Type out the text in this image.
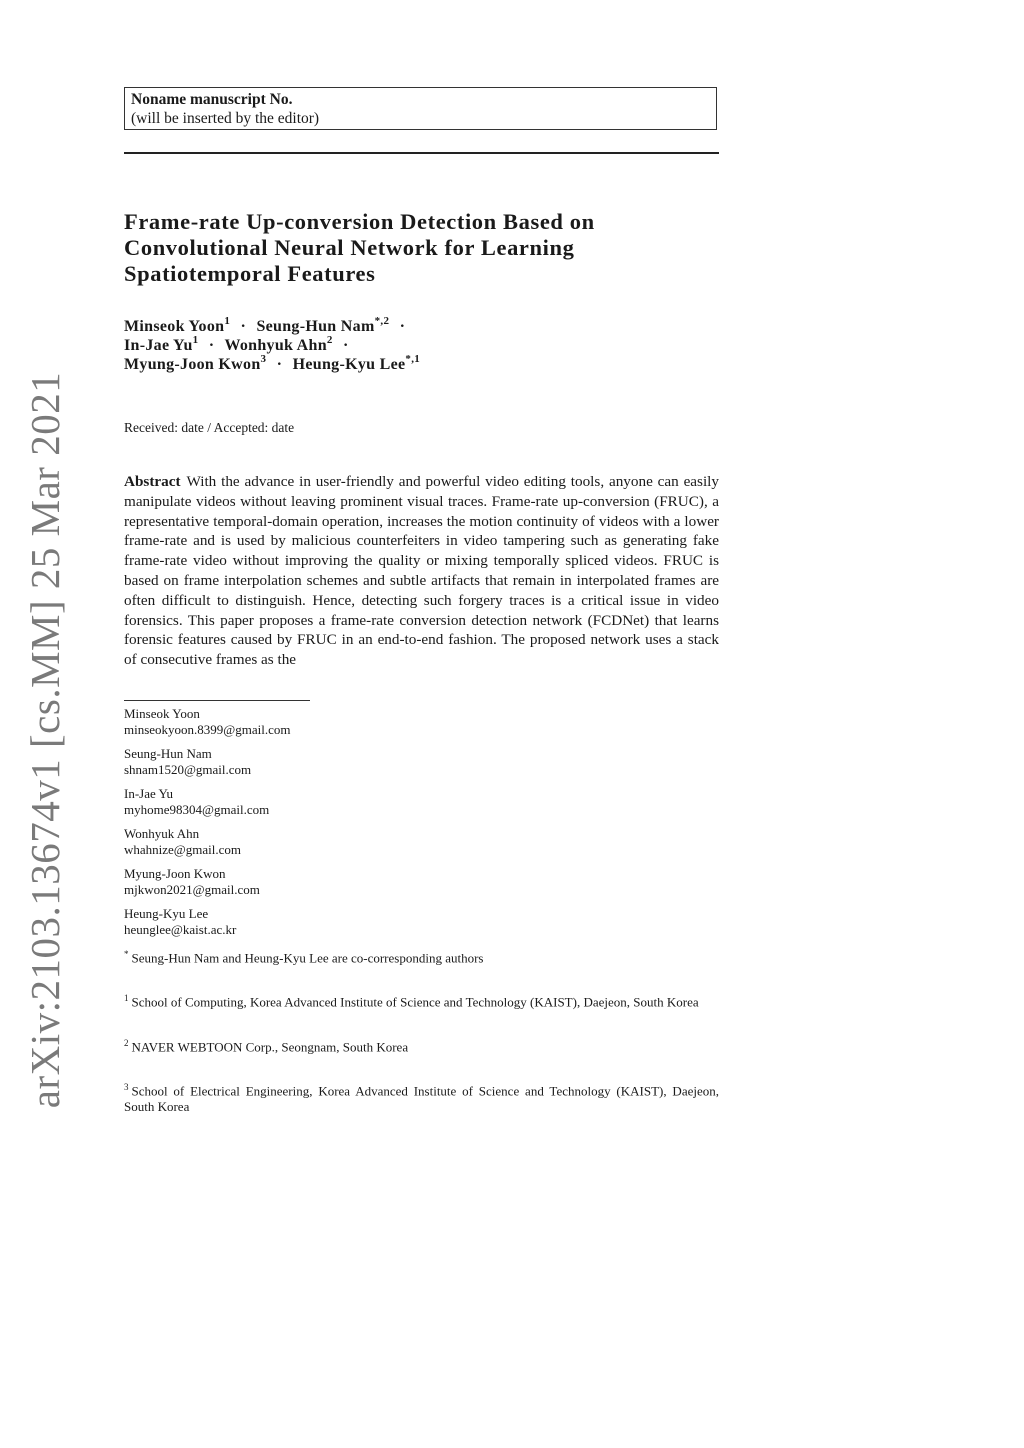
arXiv:2103.13674v1 [cs.MM] 25 Mar 2021
Noname manuscript No.
(will be inserted by the editor)
Frame-rate Up-conversion Detection Based on
Convolutional Neural Network for Learning
Spatiotemporal Features
Minseok Yoon$^1$ · Seung-Hun Nam$^{*,2}$ ·
In-Jae $Yu^1$ · Wonhyuk Ahn$^2$ ·
Myung-Joon Kwon$^3$ · Heung-Kyu Lee$^{*,1}$
Received: date / Accepted: date

Abstract With the advance in user-friendly and powerful video editing tools, anyone can easily manipulate videos without leaving prominent visual traces. Frame-rate up-conversion (FRUC), a representative temporal-domain operation, increases the motion continuity of videos with a lower frame-rate and is used by malicious counterfeiters in video tampering such as generating fake frame-rate video without improving the quality or mixing temporally spliced videos. FRUC is based on frame interpolation schemes and subtle artifacts that remain in interpolated frames are often difficult to distinguish. Hence, detecting such forgery traces is a critical issue in video forensics. This paper proposes a frame-rate conversion detection network (FCDNet) that learns forensic features caused by FRUC in an end-to-end fashion. The proposed network uses a stack of consecutive frames as the

Minseok Yoon
minseokyoon.8399@gmail.com
Seung-Hun Nam
shnam1520@gmail.com
In-Jae Yu
myhome98304@gmail.com
Wonhyuk Ahn
whahnize@gmail.com
Myung-Joon Kwon
mjkwon2021@gmail.com
Heung-Kyu Lee
heunglee@kaist.ac.kr
* Seung-Hun Nam and Heung-Kyu Lee are co-corresponding authors
$^1$ School of Computing, Korea Advanced Institute of Science and Technology (KAIST), Daejeon, South Korea
$^2$ NAVER WEBTOON Corp., Seongnam, South Korea
$^3$ School of Electrical Engineering, Korea Advanced Institute of Science and Technology (KAIST), Daejeon, South Korea
